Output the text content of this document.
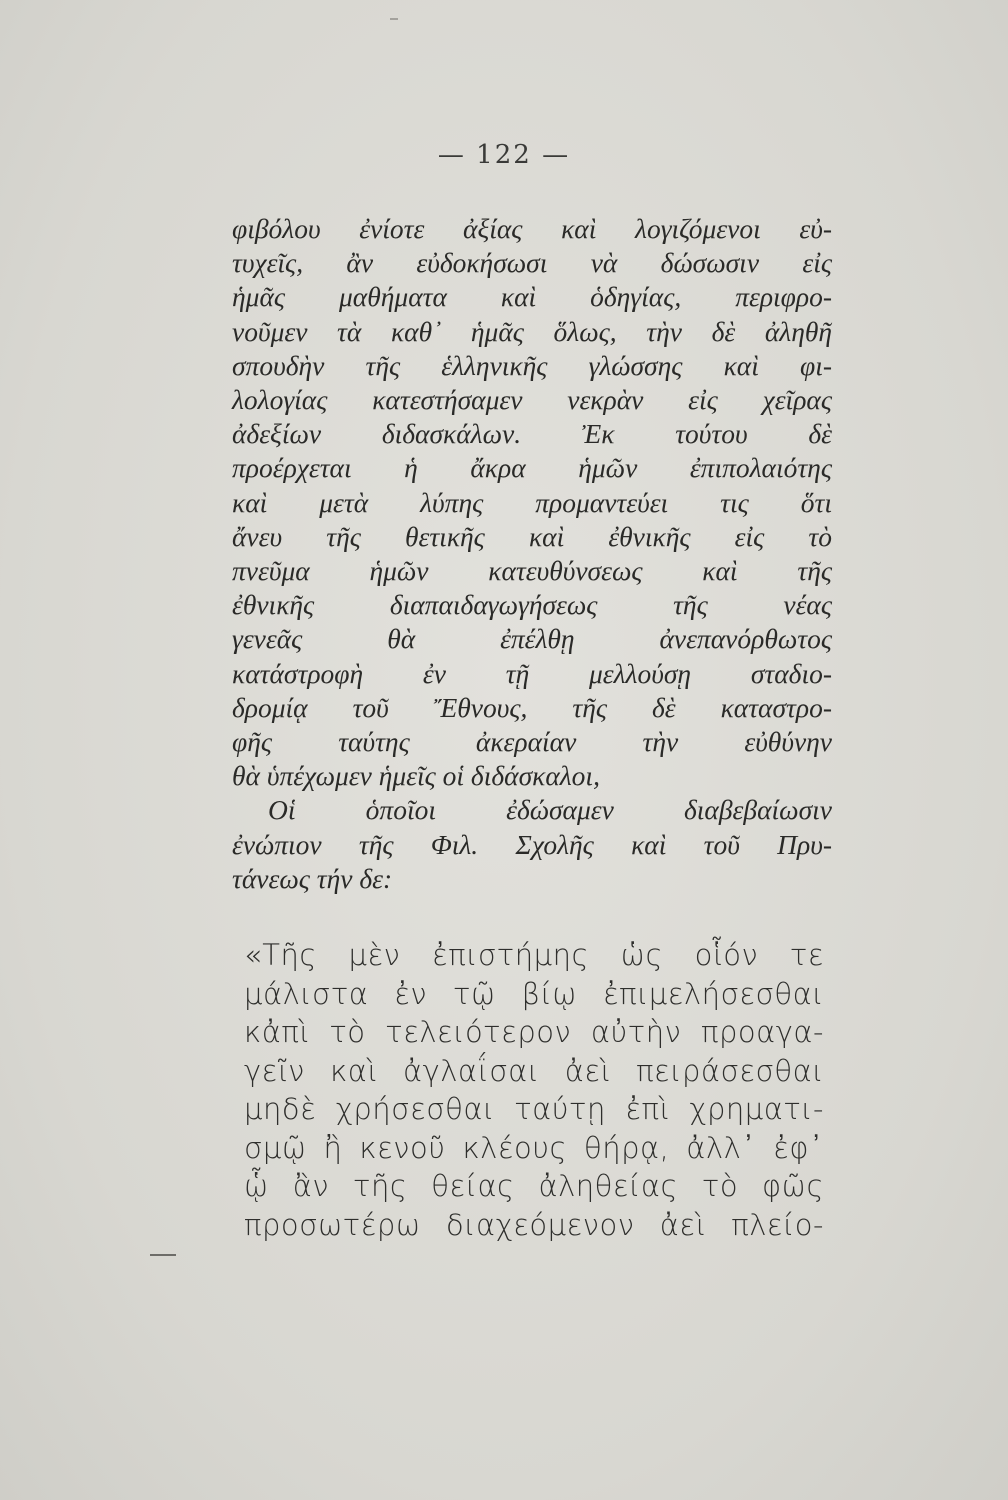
— 122 —
φιβόλου ἐνίοτε ἀξίας καὶ λογιζόμενοι εὐ-
τυχεῖς, ἂν εὐδοκήσωσι νὰ δώσωσιν εἰς
ἡμᾶς μαθήματα καὶ ὁδηγίας, περιφρο-
νοῦμεν τὰ καθ᾽ ἡμᾶς ὅλως, τὴν δὲ ἀληθῆ
σπουδὴν τῆς ἑλληνικῆς γλώσσης καὶ φι-
λολογίας κατεστήσαμεν νεκρὰν εἰς χεῖρας
ἀδεξίων διδασκάλων. Ἐκ τούτου δὲ
προέρχεται ἡ ἄκρα ἡμῶν ἐπιπολαιότης
καὶ μετὰ λύπης προμαντεύει τις ὅτι
ἄνευ τῆς θετικῆς καὶ ἐθνικῆς εἰς τὸ
πνεῦμα ἡμῶν κατευθύνσεως καὶ τῆς
ἐθνικῆς διαπαιδαγωγήσεως τῆς νέας
γενεᾶς θὰ ἐπέλθῃ ἀνεπανόρθωτος
κατάστροφὴ ἐν τῇ μελλούσῃ σταδιο-
δρομίᾳ τοῦ Ἔθνους, τῆς δὲ καταστρο-
φῆς ταύτης ἀκεραίαν τὴν εὐθύνην
θὰ ὑπέχωμεν ἡμεῖς οἱ διδάσκαλοι,
Οἱ ὁποῖοι ἐδώσαμεν διαβεβαίωσιν
ἐνώπιον τῆς Φιλ. Σχολῆς καὶ τοῦ Πρυ-
τάνεως τήν δε:
«Τῆς μὲν ἐπιστήμης ὡς οἷόν τε
μάλιστα ἐν τῷ βίῳ ἐπιμελήσεσθαι
κἀπὶ τὸ τελειότερον αὐτὴν προαγα-
γεῖν καὶ ἀγλαΐσαι ἀεὶ πειράσεσθαι
μηδὲ χρήσεσθαι ταύτῃ ἐπὶ χρηματι-
σμῷ ἢ κενοῦ κλέους θήρᾳ, ἀλλ᾽ ἐφ᾽
ᾧ ἂν τῆς θείας ἀληθείας τὸ φῶς
προσωτέρω διαχεόμενον ἀεὶ πλείο-
